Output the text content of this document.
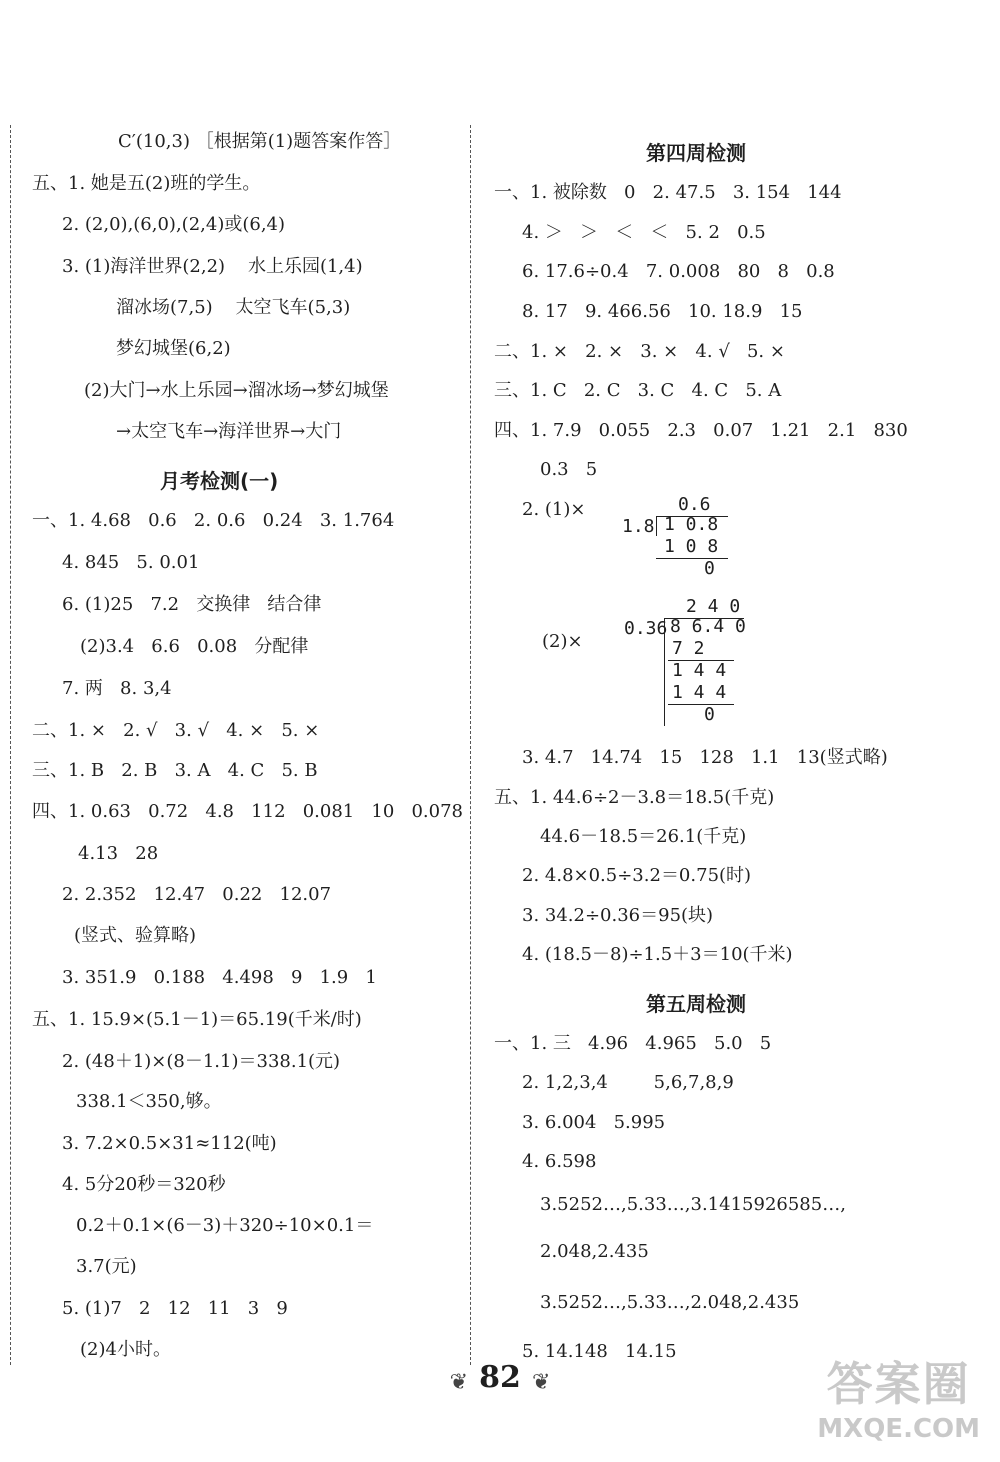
C′(10,3) ［根据第(1)题答案作答］
五、1. 她是五(2)班的学生。
2. (2,0),(6,0),(2,4)或(6,4)
3. (1)海洋世界(2,2)    水上乐园(1,4)
溜冰场(7,5)    太空飞车(5,3)
梦幻城堡(6,2)
(2)大门→水上乐园→溜冰场→梦幻城堡
→太空飞车→海洋世界→大门
月考检测(一)
一、1. 4.68   0.6   2. 0.6   0.24   3. 1.764
4. 845   5. 0.01
6. (1)25   7.2   交换律   结合律
(2)3.4   6.6   0.08   分配律
7. 两   8. 3,4
二、1. ×   2. √   3. √   4. ×   5. ×
三、1. B   2. B   3. A   4. C   5. B
四、1. 0.63   0.72   4.8   112   0.081   10   0.078
4.13   28
2. 2.352   12.47   0.22   12.07
(竖式、验算略)
3. 351.9   0.188   4.498   9   1.9   1
五、1. 15.9×(5.1－1)＝65.19(千米/时)
2. (48＋1)×(8－1.1)＝338.1(元)
338.1＜350,够。
3. 7.2×0.5×31≈112(吨)
4. 5分20秒＝320秒
0.2＋0.1×(6－3)＋320÷10×0.1＝
3.7(元)
5. (1)7   2   12   11   3   9
(2)4小时。
第四周检测
一、1. 被除数   0   2. 47.5   3. 154   144
4. ＞   ＞   ＜   ＜   5. 2   0.5
6. 17.6÷0.4   7. 0.008   80   8   0.8
8. 17   9. 466.56   10. 18.9   15
二、1. ×   2. ×   3. ×   4. √   5. ×
三、1. C   2. C   3. C   4. C   5. A
四、1. 7.9   0.055   2.3   0.07   1.21   2.1   830
0.3   5
2. (1)×	0.6
1.8 1 0.8
1 0 8
0
(2)×
2 4 0
0.36 8 6.4 0
7 2
1 4 4
1 4 4
0
3. 4.7   14.74   15   128   1.1   13(竖式略)
五、1. 44.6÷2－3.8＝18.5(千克)
44.6－18.5＝26.1(千克)
2. 4.8×0.5÷3.2＝0.75(时)
3. 34.2÷0.36＝95(块)
4. (18.5－8)÷1.5＋3＝10(千米)
第五周检测
一、1. 三   4.96   4.965   5.0   5
2. 1,2,3,4        5,6,7,8,9
3. 6.004   5.995
4. 6.598
3.5252…,5.33…,3.1415926585…,
2.048,2.435
3.5252…,5.33…,2.048,2.435
5. 14.148   14.15
❦ 82 ❦	答案圈
MXQE.COM
